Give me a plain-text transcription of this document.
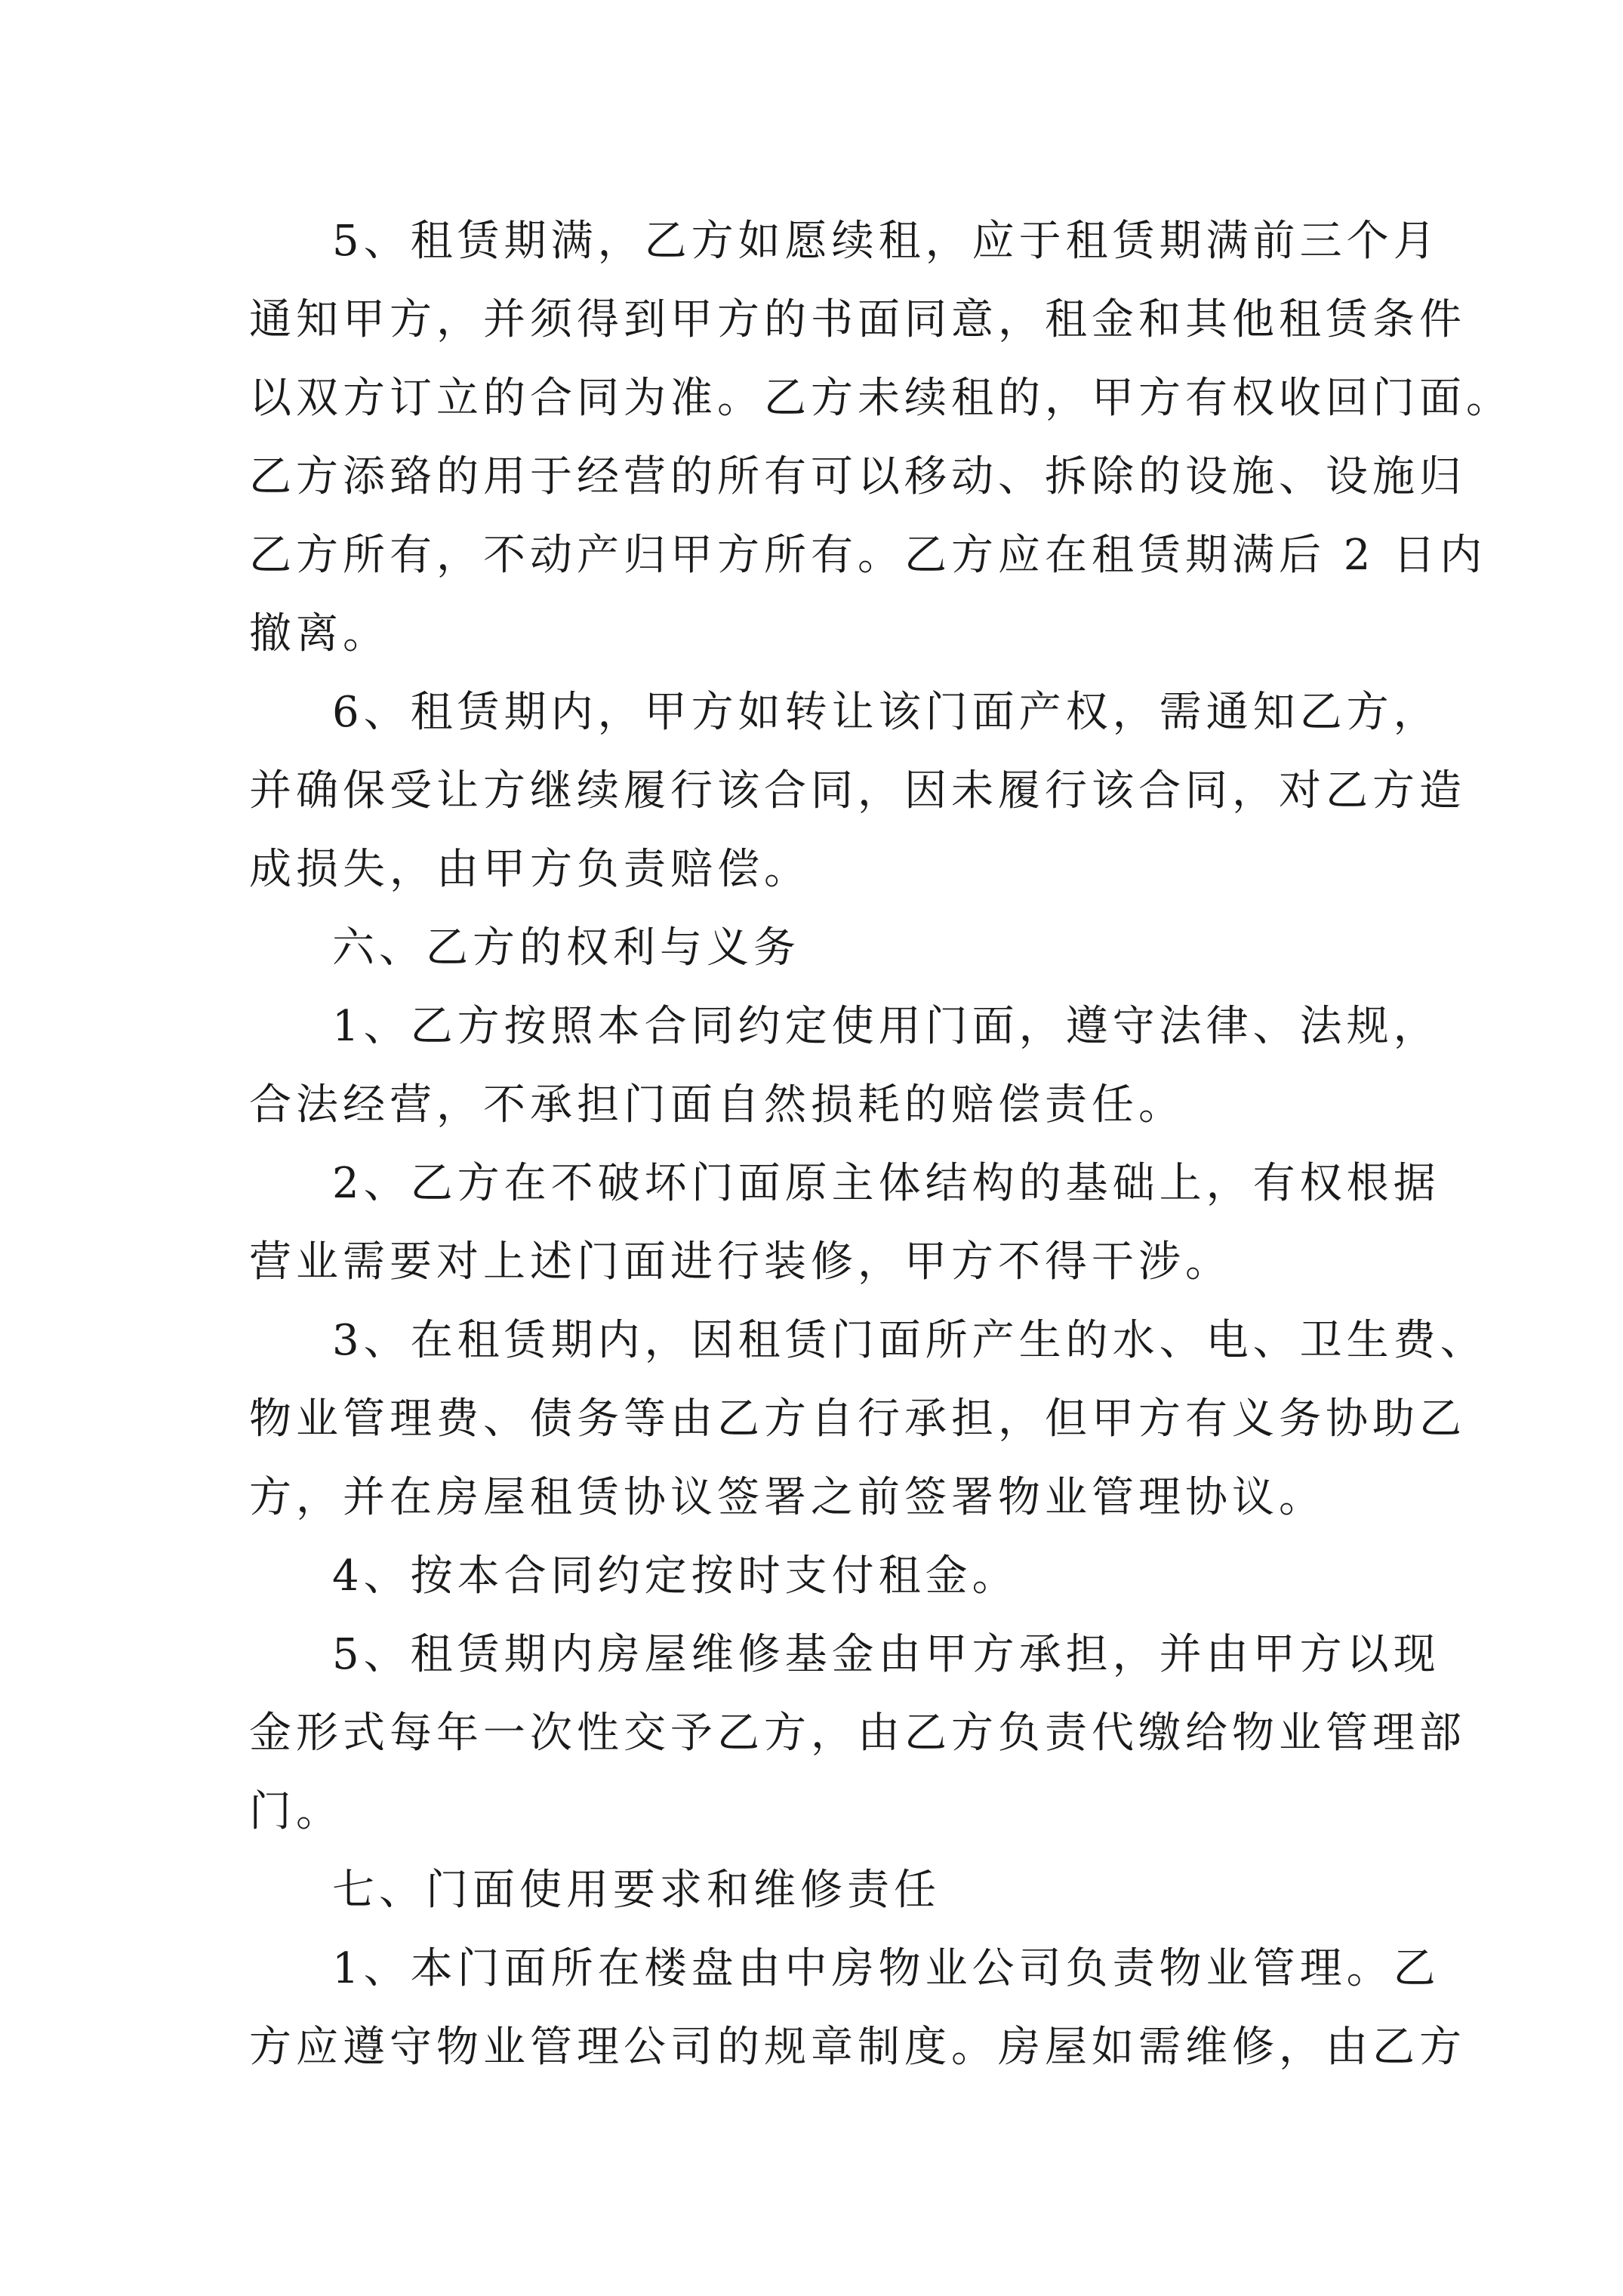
5、租赁期满，乙方如愿续租，应于租赁期满前三个月
通知甲方，并须得到甲方的书面同意，租金和其他租赁条件
以双方订立的合同为准。乙方未续租的，甲方有权收回门面。
乙方添臵的用于经营的所有可以移动、拆除的设施、设施归
乙方所有，不动产归甲方所有。乙方应在租赁期满后 2 日内
撤离。
6、租赁期内，甲方如转让该门面产权，需通知乙方，
并确保受让方继续履行该合同，因未履行该合同，对乙方造
成损失，由甲方负责赔偿。
六、乙方的权利与义务
1、乙方按照本合同约定使用门面，遵守法律、法规，
合法经营，不承担门面自然损耗的赔偿责任。
2、乙方在不破坏门面原主体结构的基础上，有权根据
营业需要对上述门面进行装修，甲方不得干涉。
3、在租赁期内，因租赁门面所产生的水、电、卫生费、
物业管理费、债务等由乙方自行承担，但甲方有义务协助乙
方，并在房屋租赁协议签署之前签署物业管理协议。
4、按本合同约定按时支付租金。
5、租赁期内房屋维修基金由甲方承担，并由甲方以现
金形式每年一次性交予乙方，由乙方负责代缴给物业管理部
门。
七、门面使用要求和维修责任
1、本门面所在楼盘由中房物业公司负责物业管理。乙
方应遵守物业管理公司的规章制度。房屋如需维修，由乙方
